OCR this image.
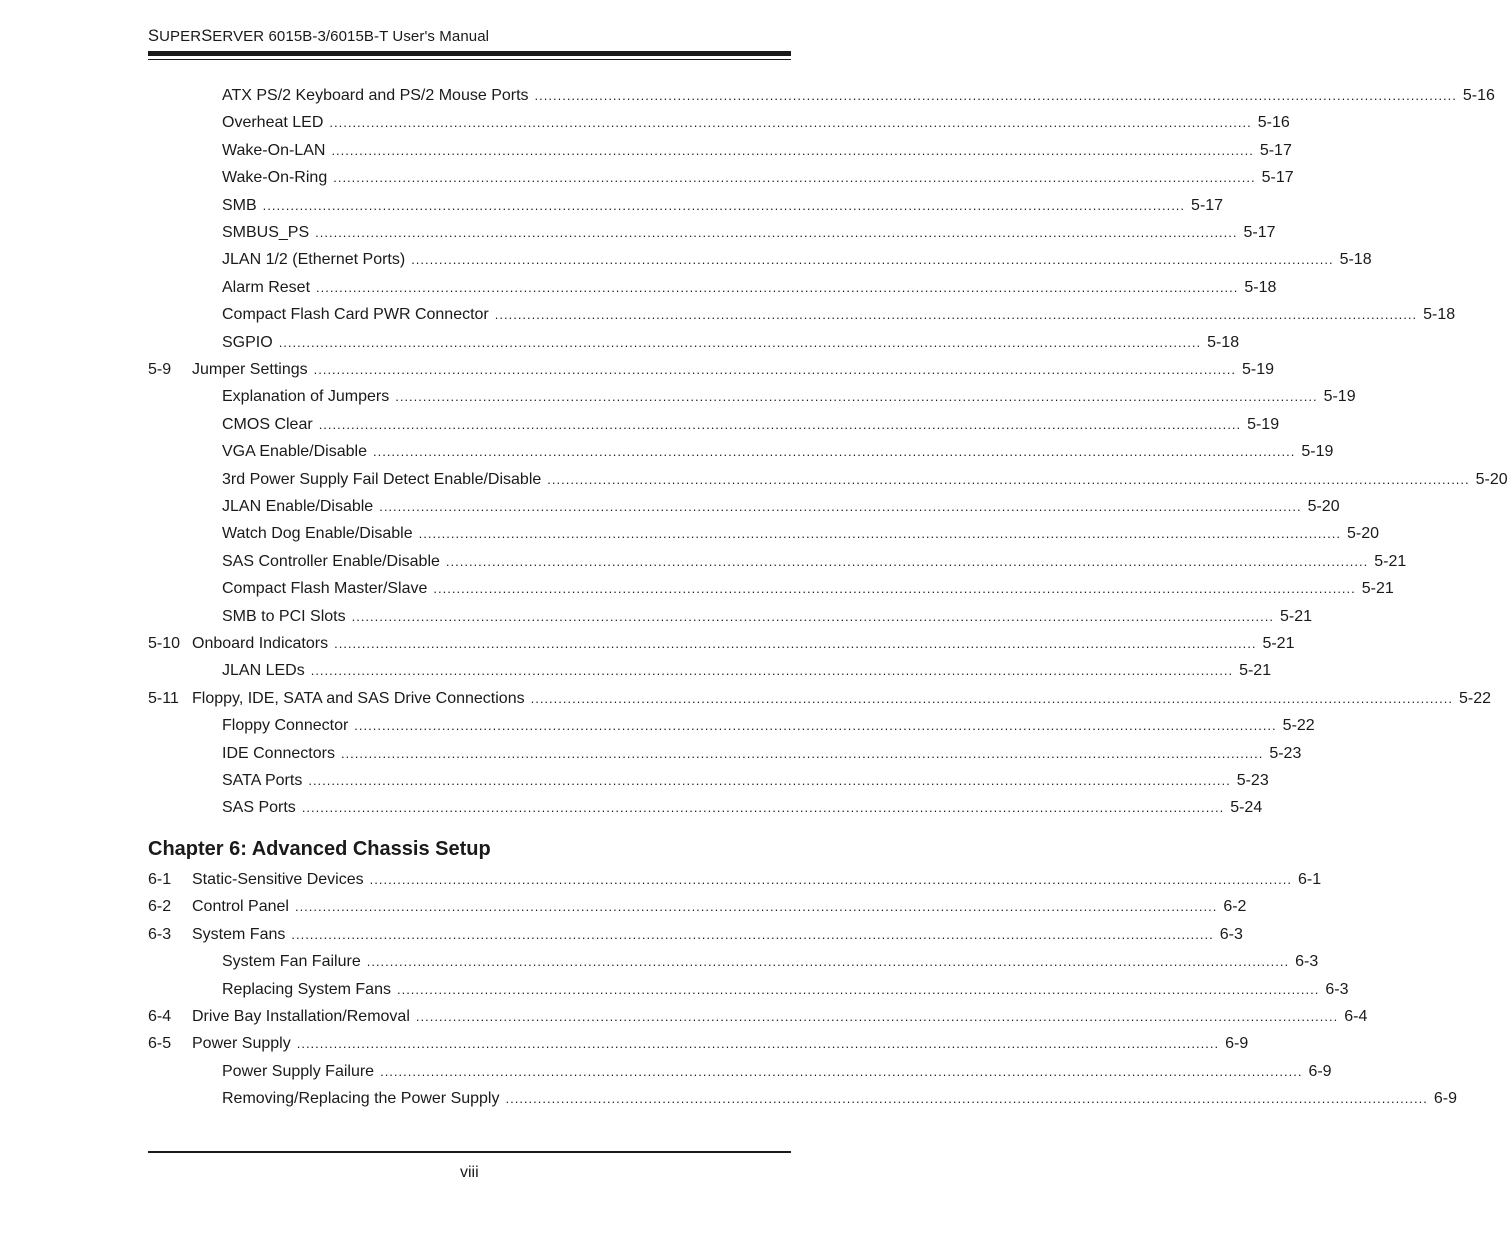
SUPERSERVER 6015B-3/6015B-T User's Manual
ATX PS/2 Keyboard and PS/2 Mouse Ports ........................................................................................................................................................................................................ 5-16
Overheat LED ........................................................................................................................................................................................................ 5-16
Wake-On-LAN ........................................................................................................................................................................................................ 5-17
Wake-On-Ring ........................................................................................................................................................................................................ 5-17
SMB ........................................................................................................................................................................................................ 5-17
SMBUS_PS ........................................................................................................................................................................................................ 5-17
JLAN 1/2 (Ethernet Ports) ........................................................................................................................................................................................................ 5-18
Alarm Reset ........................................................................................................................................................................................................ 5-18
Compact Flash Card PWR Connector ........................................................................................................................................................................................................ 5-18
SGPIO ........................................................................................................................................................................................................ 5-18
5-9 Jumper Settings ........................................................................................................................................................................................................ 5-19
Explanation of Jumpers ........................................................................................................................................................................................................ 5-19
CMOS Clear ........................................................................................................................................................................................................ 5-19
VGA Enable/Disable ........................................................................................................................................................................................................ 5-19
3rd Power Supply Fail Detect Enable/Disable ........................................................................................................................................................................................................ 5-20
JLAN Enable/Disable ........................................................................................................................................................................................................ 5-20
Watch Dog Enable/Disable ........................................................................................................................................................................................................ 5-20
SAS Controller Enable/Disable ........................................................................................................................................................................................................ 5-21
Compact Flash Master/Slave ........................................................................................................................................................................................................ 5-21
SMB to PCI Slots ........................................................................................................................................................................................................ 5-21
5-10 Onboard Indicators ........................................................................................................................................................................................................ 5-21
JLAN LEDs ........................................................................................................................................................................................................ 5-21
5-11 Floppy, IDE, SATA and SAS Drive Connections ........................................................................................................................................................................................................ 5-22
Floppy Connector ........................................................................................................................................................................................................ 5-22
IDE Connectors ........................................................................................................................................................................................................ 5-23
SATA Ports ........................................................................................................................................................................................................ 5-23
SAS Ports ........................................................................................................................................................................................................ 5-24
Chapter 6: Advanced Chassis Setup
6-1 Static-Sensitive Devices ........................................................................................................................................................................................................ 6-1
6-2 Control Panel ........................................................................................................................................................................................................ 6-2
6-3 System Fans ........................................................................................................................................................................................................ 6-3
System Fan Failure ........................................................................................................................................................................................................ 6-3
Replacing System Fans ........................................................................................................................................................................................................ 6-3
6-4 Drive Bay Installation/Removal ........................................................................................................................................................................................................ 6-4
6-5 Power Supply ........................................................................................................................................................................................................ 6-9
Power Supply Failure ........................................................................................................................................................................................................ 6-9
Removing/Replacing the Power Supply ........................................................................................................................................................................................................ 6-9
viii
